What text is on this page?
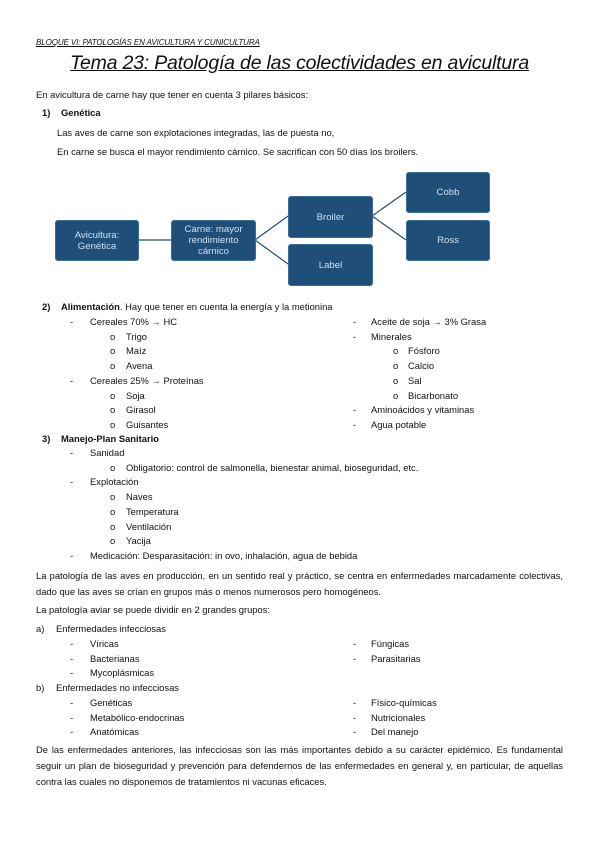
BLOQUE VI: PATOLOGÍAS EN AVICULTURA Y CUNICULTURA
Tema 23: Patología de las colectividades en avicultura
En avicultura de carne hay que tener en cuenta 3 pilares básicos:
1) Genética
Las aves de carne son explotaciones integradas, las de puesta no,
En carne se busca el mayor rendimiento cárnico. Se sacrifican con 50 días los broilers.
Avicultura: Genética
Carne: mayor rendimiento cárnico
Broiler
Label
Cobb
Ross
2) Alimentación. Hay que tener en cuenta la energía y la metionina
- Cereales 70% → HC
o Trigo
o Maíz
o Avena
- Cereales 25% → Proteínas
o Soja
o Girasol
o Guisantes
- Aceite de soja → 3% Grasa
- Minerales
o Fósforo
o Calcio
o Sal
o Bicarbonato
- Aminoácidos y vitaminas
- Agua potable
3) Manejo-Plan Sanitario
- Sanidad
o Obligatorio: control de salmonella, bienestar animal, bioseguridad, etc.
- Explotación
o Naves
o Temperatura
o Ventilación
o Yacija
- Medicación: Desparasitación: in ovo, inhalación, agua de bebida
La patología de las aves en producción, en un sentido real y práctico, se centra en enfermedades marcadamente colectivas, dado que las aves se crían en grupos más o menos numerosos pero homogéneos.
La patología aviar se puede dividir en 2 grandes grupos:
a) Enfermedades infecciosas
- Víricas
- Bacterianas
- Mycoplásmicas
- Fúngicas
- Parasitarias
b) Enfermedades no infecciosas
- Genéticas
- Metabólico-endocrinas
- Anatómicas
- Físico-químicas
- Nutricionales
- Del manejo
De las enfermedades anteriores, las infecciosas son las más importantes debido a su carácter epidémico. Es fundamental seguir un plan de bioseguridad y prevención para defendernos de las enfermedades en general y, en particular, de aquellas contra las cuales no disponemos de tratamientos ni vacunas eficaces.
